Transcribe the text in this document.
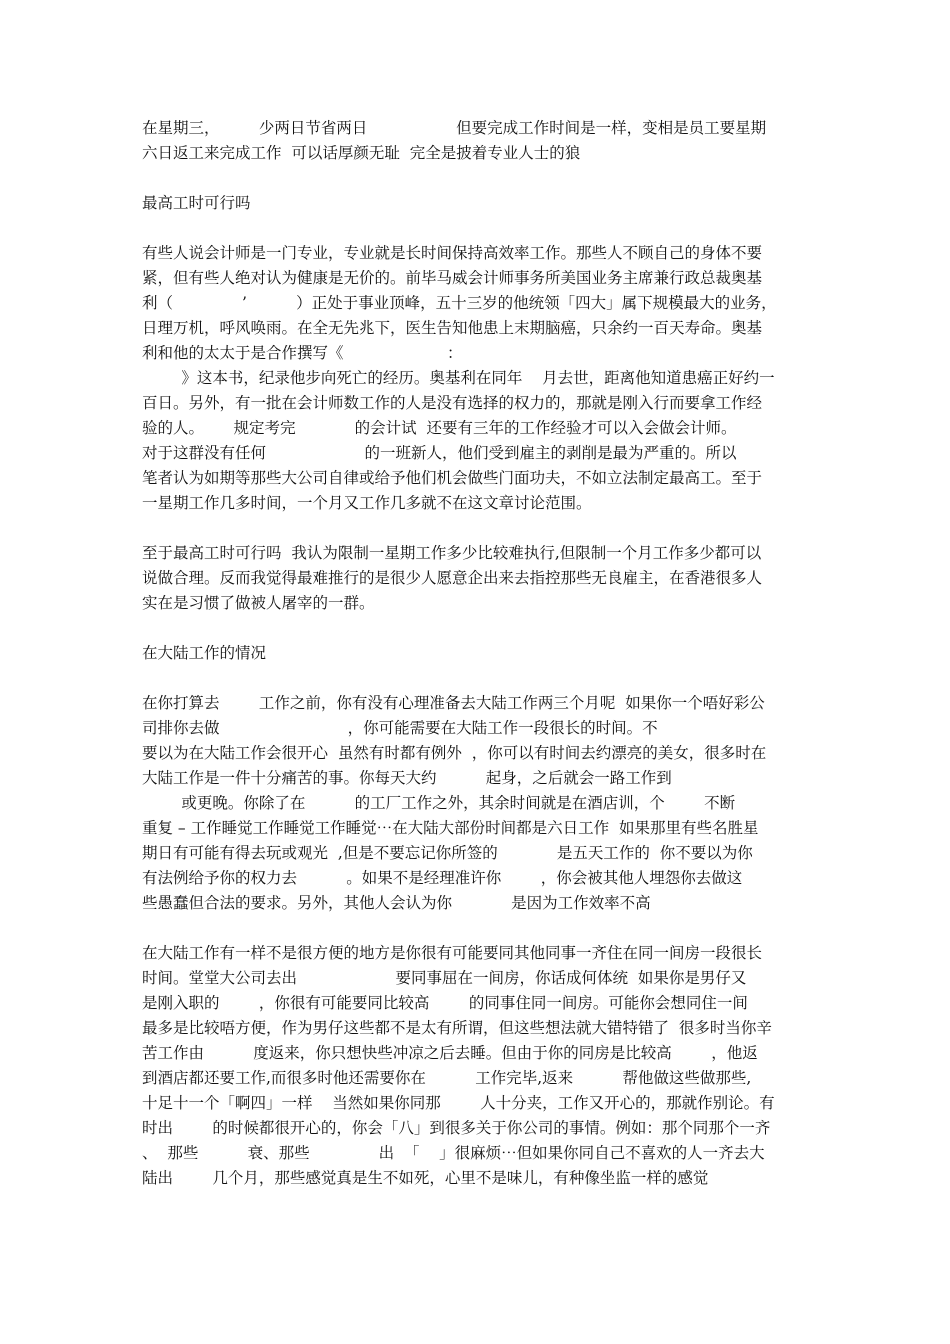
在星期三，        少两日节省两日                  但要完成工作时间是一样，变相是员工要星期
六日返工来完成工作  可以话厚颜无耻  完全是披着专业人士的狼
最高工时可行吗
有些人说会计师是一门专业，专业就是长时间保持高效率工作。那些人不顾自己的身体不要
紧，但有些人绝对认为健康是无价的。前毕马威会计师事务所美国业务主席兼行政总裁奥基
利（              ’          ）正处于事业顶峰，五十三岁的他统领「四大」属下规模最大的业务，
日理万机，呼风唤雨。在全无先兆下，医生告知他患上末期脑癌，只余约一百天寿命。奥基
利和他的太太于是合作撰写《                     ：
》这本书，纪录他步向死亡的经历。奥基利在同年    月去世，距离他知道患癌正好约一
百日。另外，有一批在会计师数工作的人是没有选择的权力的，那就是刚入行而要拿工作经
验的人。      规定考完            的会计试  还要有三年的工作经验才可以入会做会计师。
对于这群没有任何                    的一班新人，他们受到雇主的剥削是最为严重的。所以
笔者认为如期等那些大公司自律或给予他们机会做些门面功夫，不如立法制定最高工。至于
一星期工作几多时间，一个月又工作几多就不在这文章讨论范围。
至于最高工时可行吗  我认为限制一星期工作多少比较难执行,但限制一个月工作多少都可以
说做合理。反而我觉得最难推行的是很少人愿意企出来去指控那些无良雇主，在香港很多人
实在是习惯了做被人屠宰的一群。
在大陆工作的情况
在你打算去        工作之前，你有没有心理准备去大陆工作两三个月呢  如果你一个唔好彩公
司排你去做                          ，你可能需要在大陆工作一段很长的时间。不
要以为在大陆工作会很开心  虽然有时都有例外  ，你可以有时间去约漂亮的美女，很多时在
大陆工作是一件十分痛苦的事。你每天大约          起身，之后就会一路工作到
或更晚。你除了在          的工厂工作之外，其余时间就是在酒店训，个        不断
重复 – 工作睡觉工作睡觉工作睡觉⋯在大陆大部份时间都是六日工作  如果那里有些名胜星
期日有可能有得去玩或观光  ,但是不要忘记你所签的            是五天工作的  你不要以为你
有法例给予你的权力去          。如果不是经理准许你        ，你会被其他人埋怨你去做这
些愚蠢但合法的要求。另外，其他人会认为你            是因为工作效率不高
在大陆工作有一样不是很方便的地方是你很有可能要同其他同事一齐住在同一间房一段很长
时间。堂堂大公司去出                    要同事屈在一间房，你话成何体统  如果你是男仔又
是刚入职的        ，你很有可能要同比较高        的同事住同一间房。可能你会想同住一间
最多是比较唔方便，作为男仔这些都不是太有所谓，但这些想法就大错特错了  很多时当你辛
苦工作由          度返来，你只想快些冲凉之后去睡。但由于你的同房是比较高        ，他返
到酒店都还要工作,而很多时他还需要你在          工作完毕,返来          帮他做这些做那些,
十足十一个「啊四」一样    当然如果你同那        人十分夹，工作又开心的，那就作别论。有
时出        的时候都很开心的，你会「八」到很多关于你公司的事情。例如：那个同那个一齐
、  那些          衰、那些              出  「    」很麻烦⋯但如果你同自己不喜欢的人一齐去大
陆出        几个月，那些感觉真是生不如死，心里不是味儿，有种像坐监一样的感觉
